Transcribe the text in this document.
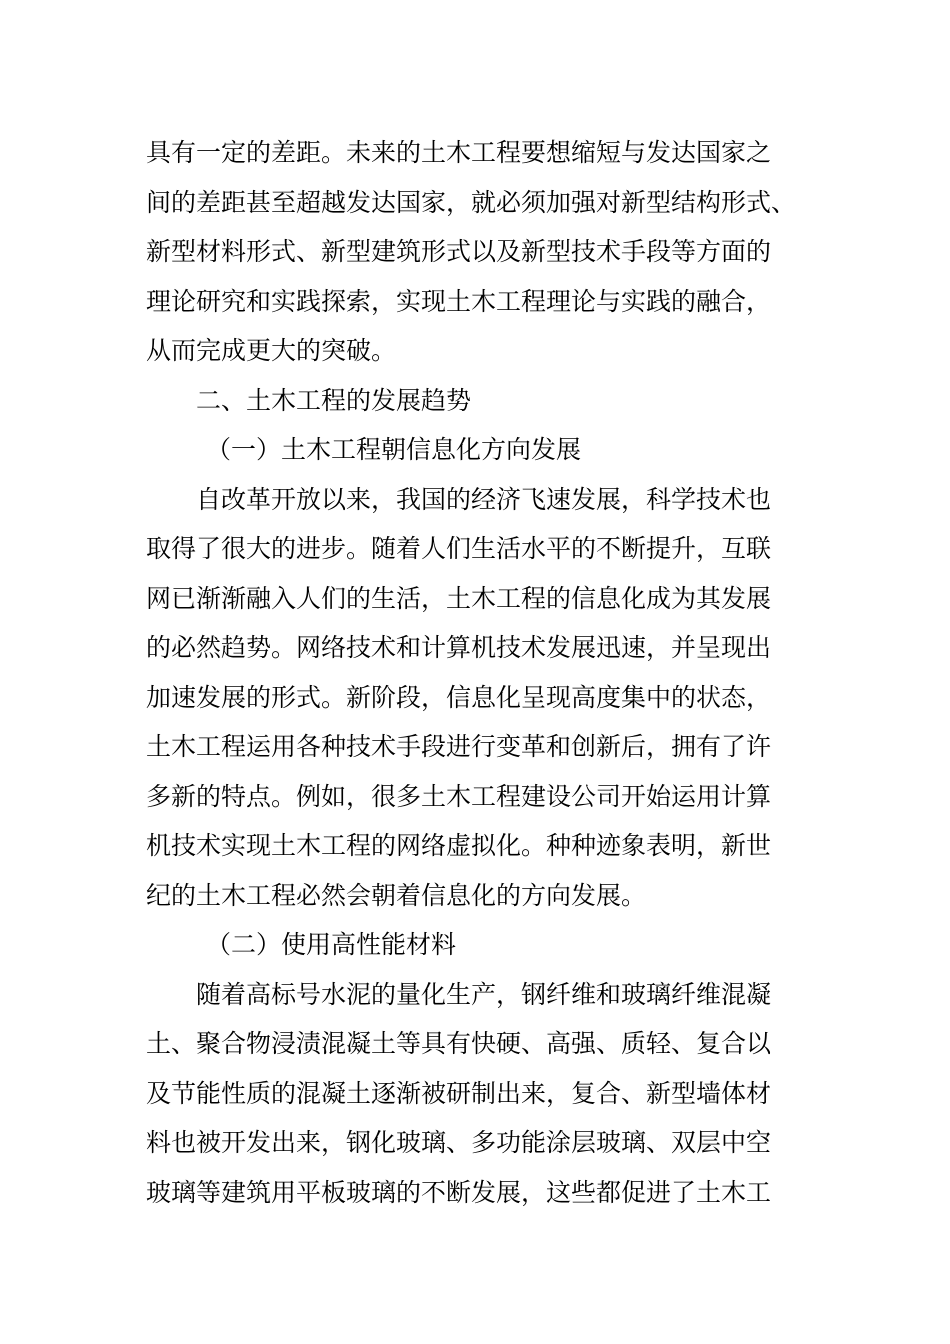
具有一定的差距。未来的土木工程要想缩短与发达国家之
间的差距甚至超越发达国家，就必须加强对新型结构形式、
新型材料形式、新型建筑形式以及新型技术手段等方面的
理论研究和实践探索，实现土木工程理论与实践的融合，
从而完成更大的突破。
二、土木工程的发展趋势
（一）土木工程朝信息化方向发展
自改革开放以来，我国的经济飞速发展，科学技术也
取得了很大的进步。随着人们生活水平的不断提升，互联
网已渐渐融入人们的生活，土木工程的信息化成为其发展
的必然趋势。网络技术和计算机技术发展迅速，并呈现出
加速发展的形式。新阶段，信息化呈现高度集中的状态，
土木工程运用各种技术手段进行变革和创新后，拥有了许
多新的特点。例如，很多土木工程建设公司开始运用计算
机技术实现土木工程的网络虚拟化。种种迹象表明，新世
纪的土木工程必然会朝着信息化的方向发展。
（二）使用高性能材料
随着高标号水泥的量化生产，钢纤维和玻璃纤维混凝
土、聚合物浸渍混凝土等具有快硬、高强、质轻、复合以
及节能性质的混凝土逐渐被研制出来，复合、新型墙体材
料也被开发出来，钢化玻璃、多功能涂层玻璃、双层中空
玻璃等建筑用平板玻璃的不断发展，这些都促进了土木工
